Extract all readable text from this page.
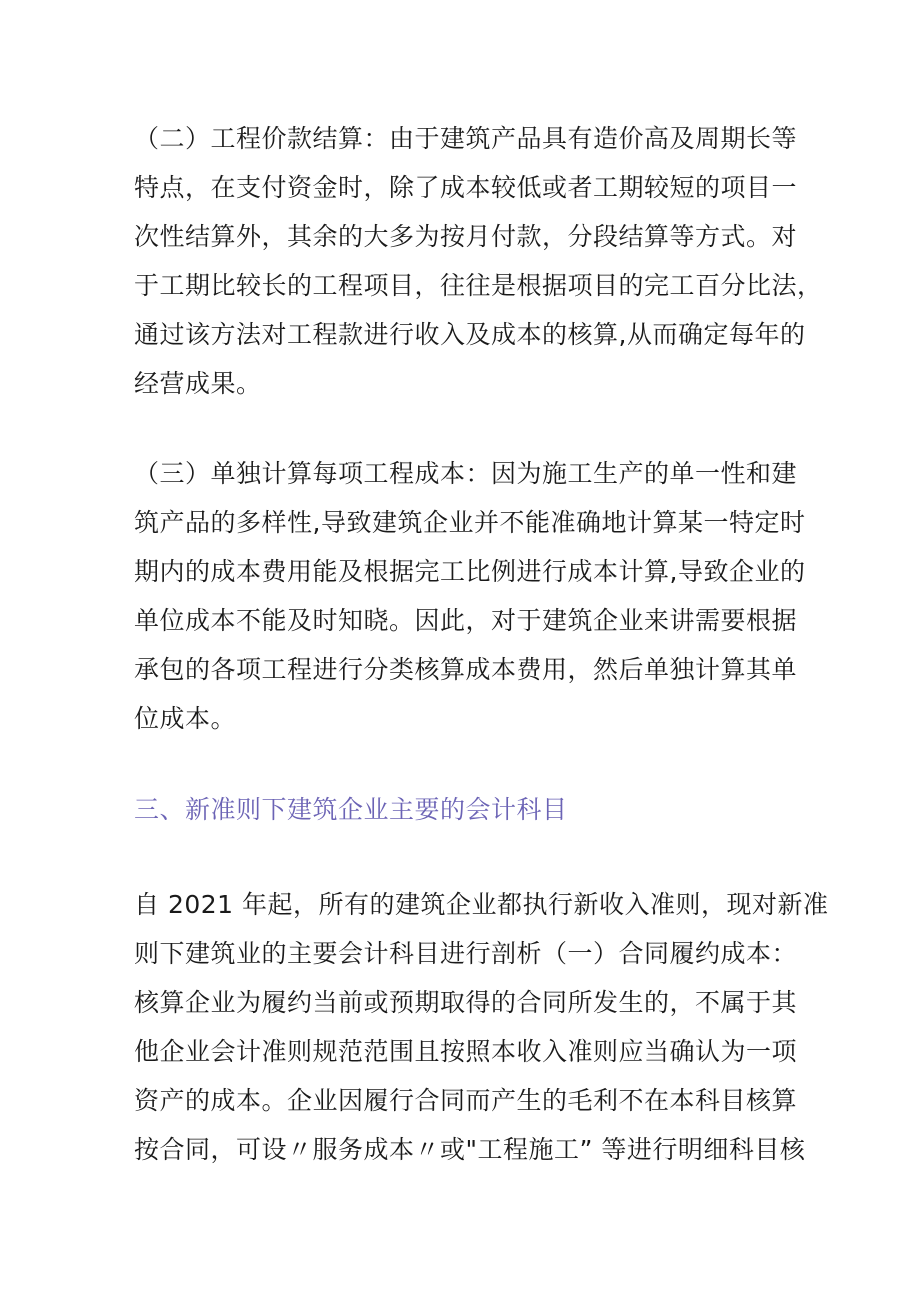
（二）工程价款结算：由于建筑产品具有造价高及周期长等
特点，在支付资金时，除了成本较低或者工期较短的项目一
次性结算外，其余的大多为按月付款，分段结算等方式。对
于工期比较长的工程项目，往往是根据项目的完工百分比法，
通过该方法对工程款进行收入及成本的核算,从而确定每年的
经营成果。
（三）单独计算每项工程成本：因为施工生产的单一性和建
筑产品的多样性,导致建筑企业并不能准确地计算某一特定时
期内的成本费用能及根据完工比例进行成本计算,导致企业的
单位成本不能及时知晓。因此，对于建筑企业来讲需要根据
承包的各项工程进行分类核算成本费用，然后单独计算其单
位成本。
三、新准则下建筑企业主要的会计科目
自 2021 年起，所有的建筑企业都执行新收入准则，现对新准
则下建筑业的主要会计科目进行剖析（一）合同履约成本：
核算企业为履约当前或预期取得的合同所发生的，不属于其
他企业会计准则规范范围且按照本收入准则应当确认为一项
资产的成本。企业因履行合同而产生的毛利不在本科目核算
按合同，可设〃服务成本〃或"工程施工” 等进行明细科目核
